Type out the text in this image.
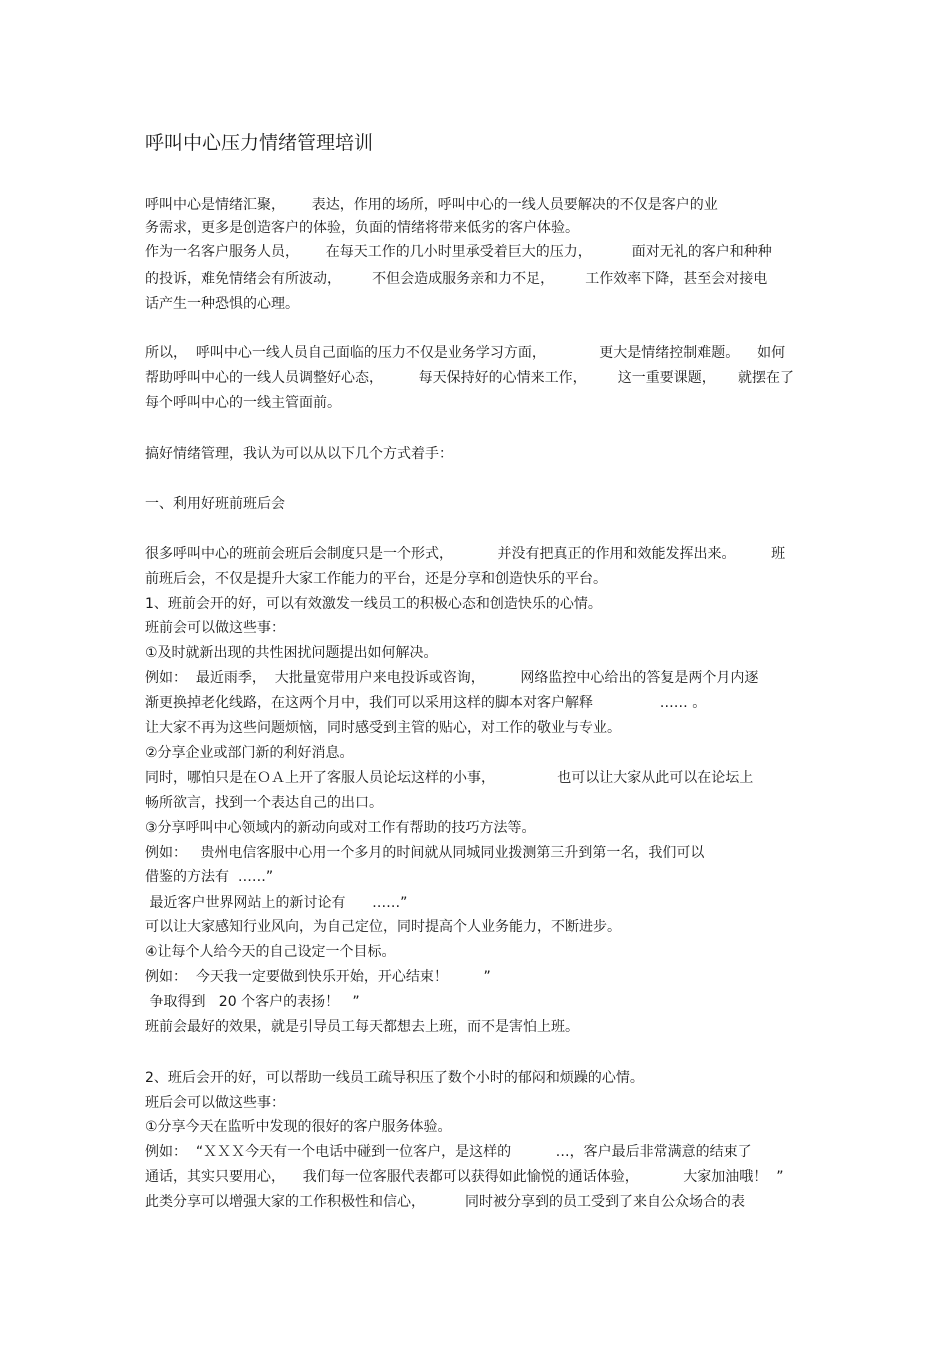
呼叫中心压力情绪管理培训

呼叫中心是情绪汇聚，      表达，作用的场所，呼叫中心的一线人员要解决的不仅是客户的业

务需求，更多是创造客户的体验，负面的情绪将带来低劣的客户体验。

作为一名客户服务人员，      在每天工作的几小时里承受着巨大的压力，         面对无礼的客户和种种

的投诉，难免情绪会有所波动，       不但会造成服务亲和力不足，       工作效率下降，甚至会对接电

话产生一种恐惧的心理。

所以，  呼叫中心一线人员自己面临的压力不仅是业务学习方面，            更大是情绪控制难题。    如何

帮助呼叫中心的一线人员调整好心态，        每天保持好的心情来工作，       这一重要课题，     就摆在了

每个呼叫中心的一线主管面前。

搞好情绪管理，我认为可以从以下几个方式着手：

一、利用好班前班后会

很多呼叫中心的班前会班后会制度只是一个形式，          并没有把真正的作用和效能发挥出来。        班

前班后会，不仅是提升大家工作能力的平台，还是分享和创造快乐的平台。

1、班前会开的好，可以有效激发一线员工的积极心态和创造快乐的心情。

班前会可以做这些事：

①及时就新出现的共性困扰问题提出如何解决。

例如：  最近雨季，  大批量宽带用户来电投诉或咨询，        网络监控中心给出的答复是两个月内逐

渐更换掉老化线路，在这两个月中，我们可以采用这样的脚本对客户解释               …… 。

让大家不再为这些问题烦恼，同时感受到主管的贴心，对工作的敬业与专业。

②分享企业或部门新的利好消息。

同时，哪怕只是在ＯＡ上开了客服人员论坛这样的小事，              也可以让大家从此可以在论坛上

畅所欲言，找到一个表达自己的出口。

③分享呼叫中心领域内的新动向或对工作有帮助的技巧方法等。

例如：   贵州电信客服中心用一个多月的时间就从同城同业拨测第三升到第一名，我们可以

借鉴的方法有  ……”

最近客户世界网站上的新讨论有      ……”

可以让大家感知行业风向，为自己定位，同时提高个人业务能力，不断进步。

④让每个人给今天的自己设定一个目标。

例如：  今天我一定要做到快乐开始，开心结束！        ”

争取得到   20 个客户的表扬！   ”

班前会最好的效果，就是引导员工每天都想去上班，而不是害怕上班。

2、班后会开的好，可以帮助一线员工疏导积压了数个小时的郁闷和烦躁的心情。

班后会可以做这些事：

①分享今天在监听中发现的很好的客户服务体验。

例如：  “ＸＸＸ今天有一个电话中碰到一位客户，是这样的          …，客户最后非常满意的结束了

通话，其实只要用心，    我们每一位客服代表都可以获得如此愉悦的通话体验，          大家加油哦！  ”

此类分享可以增强大家的工作积极性和信心，         同时被分享到的员工受到了来自公众场合的表
